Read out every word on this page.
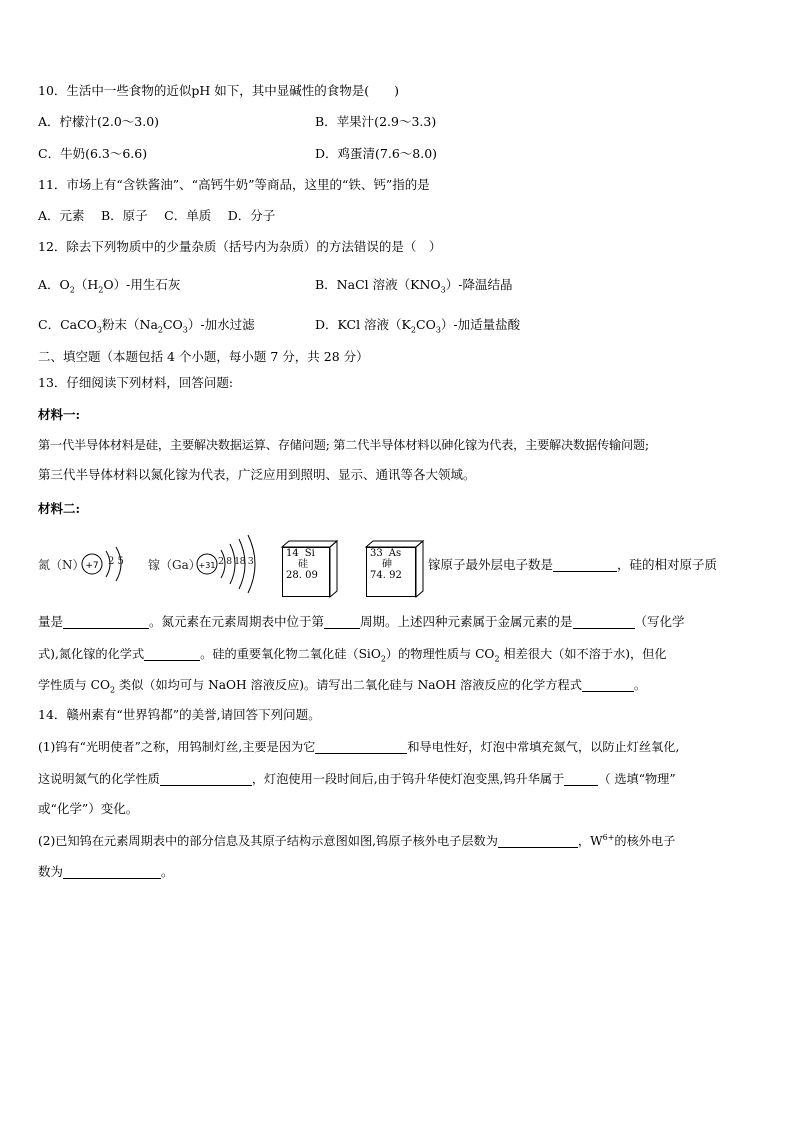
10．生活中一些食物的近似pH 如下，其中显碱性的食物是(　　)
A．柠檬汁(2.0～3.0)	B．苹果汁(2.9～3.3)
C．牛奶(6.3～6.6)	D．鸡蛋清(7.6～8.0)
11．市场上有“含铁酱油”、“高钙牛奶”等商品，这里的“铁、钙”指的是
A．元素　 B．原子　 C．单质　 D．分子
12．除去下列物质中的少量杂质（括号内为杂质）的方法错误的是（　）
A．$O_2(H_2O)-$用生石灰	B．NaCl 溶液$(KNO_3)-$降温结晶
C．CaCO$_3$粉末$(Na_2CO_3)-$加水过滤	D．KCl 溶液$(K_2CO_3)-$加适量盐酸
二、填空题（本题包括 4 个小题，每小题 7 分，共 28 分）
13．仔细阅读下列材料，回答问题:
材料一:
第一代半导体材料是硅，主要解决数据运算、存储问题; 第二代半导体材料以砷化镓为代表，主要解决数据传输问题;
第三代半导体材料以氮化镓为代表，广泛应用到照明、显示、通讯等各大领域。
材料二:
氮（N） +7 2 5 镓（Ga）
+31 2 8 18 3
14 Si
硅
28. 09
33 As
砷
74. 92
镓原子最外层电子数是	，硅的相对原子质
量是	。氮元素在元素周期表中位于第	周期。上述四种元素属于金属元素的是	（写化学
式),氮化镓的化学式	。硅的重要氧化物二氧化硅（SiO$_2$）的物理性质与 $CO_2$ 相差很大（如不溶于水)，但化
学性质与 $CO_2$ 类似（如均可与 NaOH 溶液反应)。请写出二氧化硅与 NaOH 溶液反应的化学方程式	。
14．赣州素有“世界钨都”的美誉,请回答下列问题。
(1)钨有“光明使者”之称，用钨制灯丝,主要是因为它	和导电性好，灯泡中常填充氮气，以防止灯丝氧化,
这说明氮气的化学性质	，灯泡使用一段时间后,由于钨升华使灯泡变黑,钨升华属于	（ 选填“物理”
或“化学”）变化。
(2)已知钨在元素周期表中的部分信息及其原子结构示意图如图,钨原子核外电子层数为	，$W^{6+}$的核外电子
数为	。
